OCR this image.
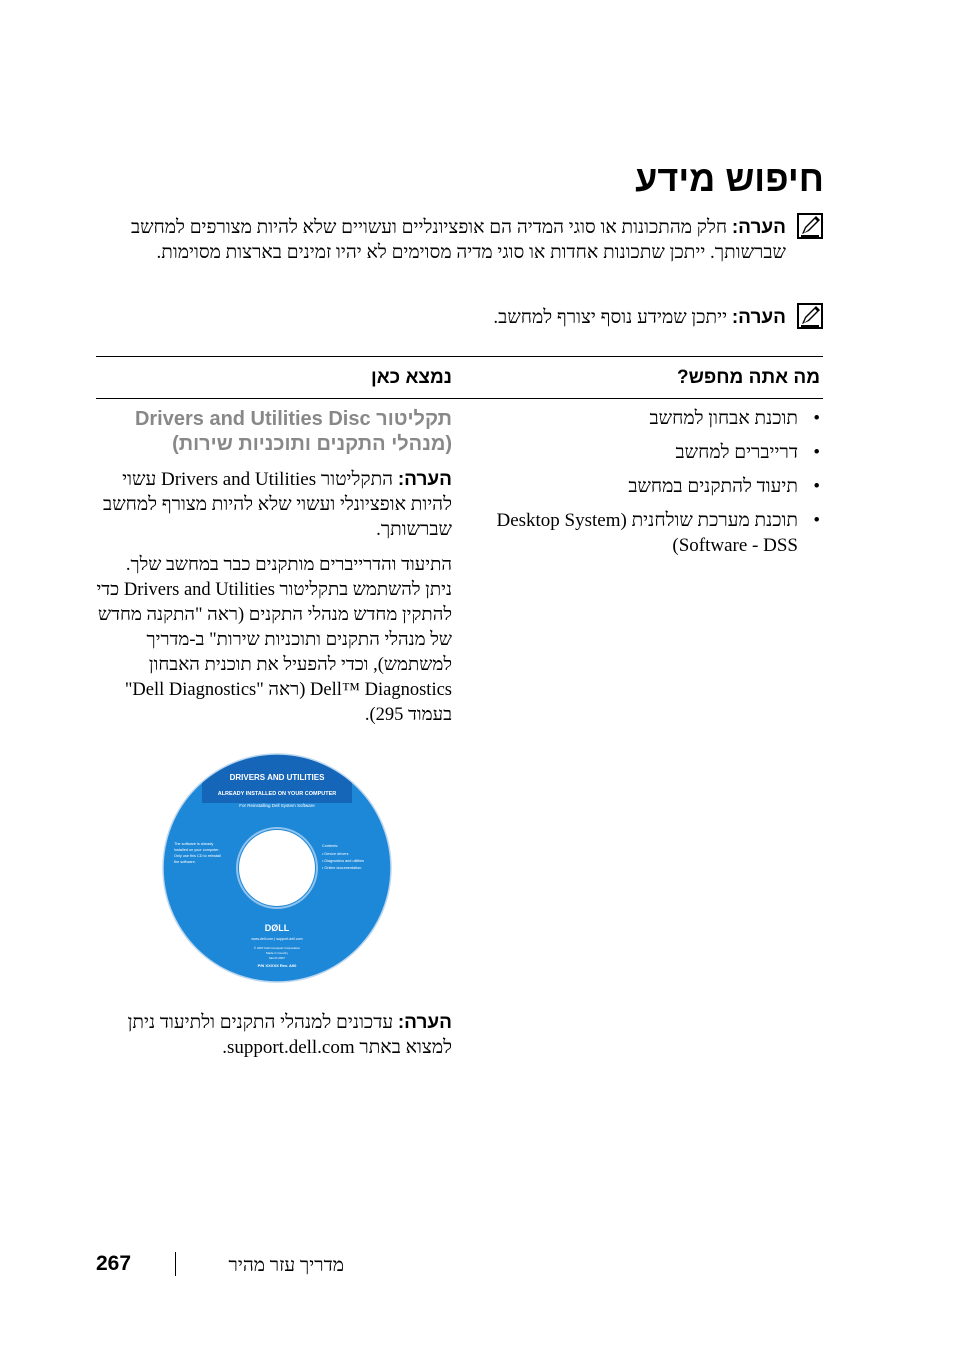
חיפוש מידע
הערה: חלק מהתכונות או סוגי המדיה הם אופציונליים ועשויים שלא להיות מצורפים למחשב שברשותך. ייתכן שתכונות אחדות או סוגי מדיה מסוימים לא יהיו זמינים בארצות מסוימות.
הערה: ייתכן שמידע נוסף יצורף למחשב.
מה אתה מחפש?
נמצא כאן
•
תוכנת אבחון למחשב
•
דרייברים למחשב
•
תיעוד להתקנים במחשב
•
תוכנת מערכת שולחנית (Desktop System Software - DSS)
תקליטור Drivers and Utilities Disc (מנהלי התקנים ותוכניות שירות)
הערה: התקליטור Drivers and Utilities עשוי להיות אופציונלי ועשוי שלא להיות מצורף למחשב שברשותך.
התיעוד והדרייברים מותקנים כבר במחשב שלך. ניתן להשתמש בתקליטור Drivers and Utilities כדי להתקין מחדש מנהלי התקנים (ראה "התקנה מחדש של מנהלי התקנים ותוכניות שירות" ב-מדריך למשתמש), וכדי להפעיל את תוכנית האבחון Dell™ Diagnostics (ראה "Dell Diagnostics" בעמוד 295).
DRIVERS AND UTILITIES
ALREADY INSTALLED ON YOUR COMPUTER
For Reinstalling Dell System Software
The software is already
installed on your computer.
Only use this CD to reinstall
the software.
Contents:
• Device drivers
• Diagnostics and utilities
• Online documentation
DØLL
www.dell.com | support.dell.com
© 2007 Dell Computer Corporation
Made in Country
Month 2007
P/N XXXXX Rev. A00
הערה: עדכונים למנהלי התקנים ולתיעוד ניתן למצוא באתר support.dell.com.
267	מדריך עזר מהיר
